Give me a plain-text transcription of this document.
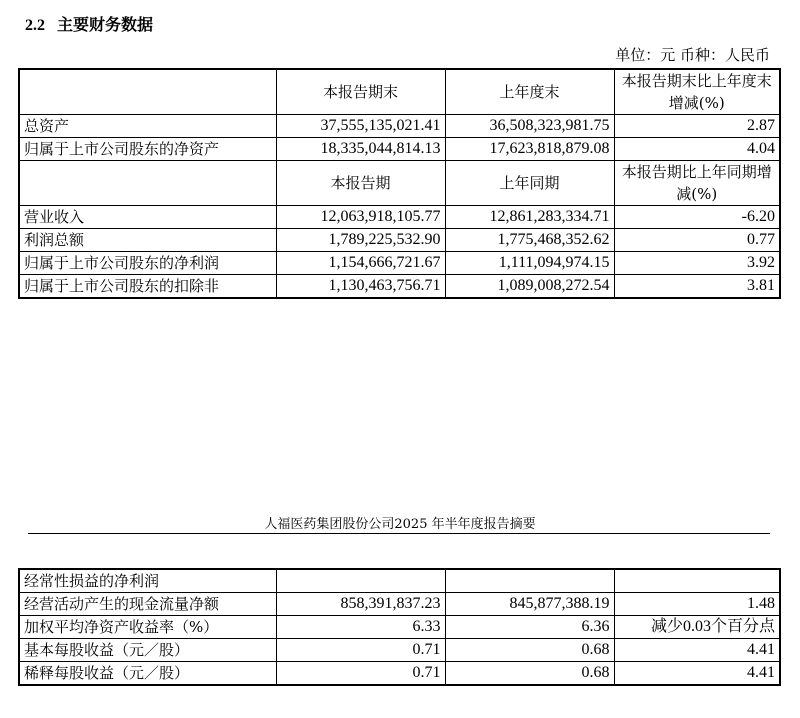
2.2 主要财务数据
单位：元 币种：人民币
	本报告期末	上年度末	本报告期末比上年度末增减(%)
总资产	37,555,135,021.41	36,508,323,981.75	2.87
归属于上市公司股东的净资产	18,335,044,814.13	17,623,818,879.08	4.04
	本报告期	上年同期	本报告期比上年同期增减(%)
营业收入	12,063,918,105.77	12,861,283,334.71	-6.20
利润总额	1,789,225,532.90	1,775,468,352.62	0.77
归属于上市公司股东的净利润	1,154,666,721.67	1,111,094,974.15	3.92
归属于上市公司股东的扣除非	1,130,463,756.71	1,089,008,272.54	3.81
人福医药集团股份公司2025 年半年度报告摘要
经常性损益的净利润			
经营活动产生的现金流量净额	858,391,837.23	845,877,388.19	1.48
加权平均净资产收益率（%）	6.33	6.36	减少0.03个百分点
基本每股收益（元／股）	0.71	0.68	4.41
稀释每股收益（元／股）	0.71	0.68	4.41
